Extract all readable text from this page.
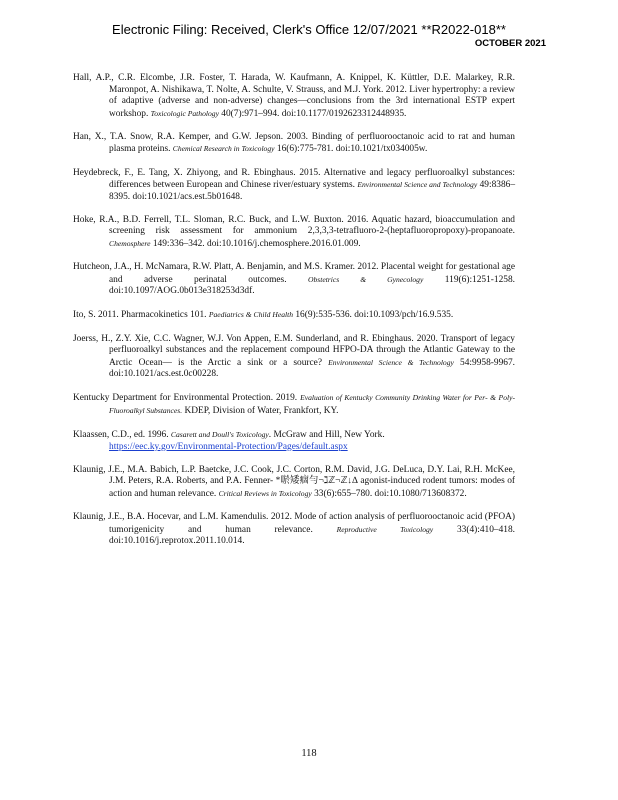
Electronic Filing: Received, Clerk's Office 12/07/2021 **R2022-018**
OCTOBER 2021
Hall, A.P., C.R. Elcombe, J.R. Foster, T. Harada, W. Kaufmann, A. Knippel, K. Küttler, D.E. Malarkey, R.R. Maronpot, A. Nishikawa, T. Nolte, A. Schulte, V. Strauss, and M.J. York. 2012. Liver hypertrophy: a review of adaptive (adverse and non-adverse) changes—conclusions from the 3rd international ESTP expert workshop. Toxicologic Pathology 40(7):971–994. doi:10.1177/0192623312448935.
Han, X., T.A. Snow, R.A. Kemper, and G.W. Jepson. 2003. Binding of perfluorooctanoic acid to rat and human plasma proteins. Chemical Research in Toxicology 16(6):775-781. doi:10.1021/tx034005w.
Heydebreck, F., E. Tang, X. Zhiyong, and R. Ebinghaus. 2015. Alternative and legacy perfluoroalkyl substances: differences between European and Chinese river/estuary systems. Environmental Science and Technology 49:8386–8395. doi:10.1021/acs.est.5b01648.
Hoke, R.A., B.D. Ferrell, T.L. Sloman, R.C. Buck, and L.W. Buxton. 2016. Aquatic hazard, bioaccumulation and screening risk assessment for ammonium 2,3,3,3-tetrafluoro-2-(heptafluoropropoxy)-propanoate. Chemosphere 149:336–342. doi:10.1016/j.chemosphere.2016.01.009.
Hutcheon, J.A., H. McNamara, R.W. Platt, A. Benjamin, and M.S. Kramer. 2012. Placental weight for gestational age and adverse perinatal outcomes.	Obstetrics & Gynecology 119(6):1251-1258. doi:10.1097/AOG.0b013e318253d3df.
Ito, S. 2011. Pharmacokinetics 101. Paediatrics & Child Health 16(9):535-536. doi:10.1093/pch/16.9.535.
Joerss, H., Z.Y. Xie, C.C. Wagner, W.J. Von Appen, E.M. Sunderland, and R. Ebinghaus. 2020. Transport of legacy perfluoroalkyl substances and the replacement compound HFPO-DA through the Atlantic Gateway to the Arctic Ocean— is the Arctic a sink or a source? Environmental Science & Technology 54:9958-9967. doi:10.1021/acs.est.0c00228.
Kentucky Department for Environmental Protection. 2019. Evaluation of Kentucky Community Drinking Water for Per- & Poly-Fluoroalkyl Substances. KDEP, Division of Water, Frankfort, KY.
Klaassen, C.D., ed. 1996. Casarett and Doull's Toxicology. McGraw and Hill, New York.
https://eec.ky.gov/Environmental-Protection/Pages/default.aspx
Klaunig, J.E., M.A. Babich, L.P. Baetcke, J.C. Cook, J.C. Corton, R.M. David, J.G. DeLuca, D.Y. Lai, R.H. McKee, J.M. Peters, R.A. Roberts, and P.A. Fenner- *唹矮痼勻¬ℷℤ¬ℤ↓∆ agonist-induced rodent tumors: modes of action and human relevance. Critical Reviews in Toxicology 33(6):655–780. doi:10.1080/713608372.
Klaunig, J.E., B.A. Hocevar, and L.M. Kamendulis. 2012. Mode of action analysis of perfluorooctanoic acid (PFOA) tumorigenicity and human relevance.	Reproductive Toxicology	33(4):410–418. doi:10.1016/j.reprotox.2011.10.014.
118
